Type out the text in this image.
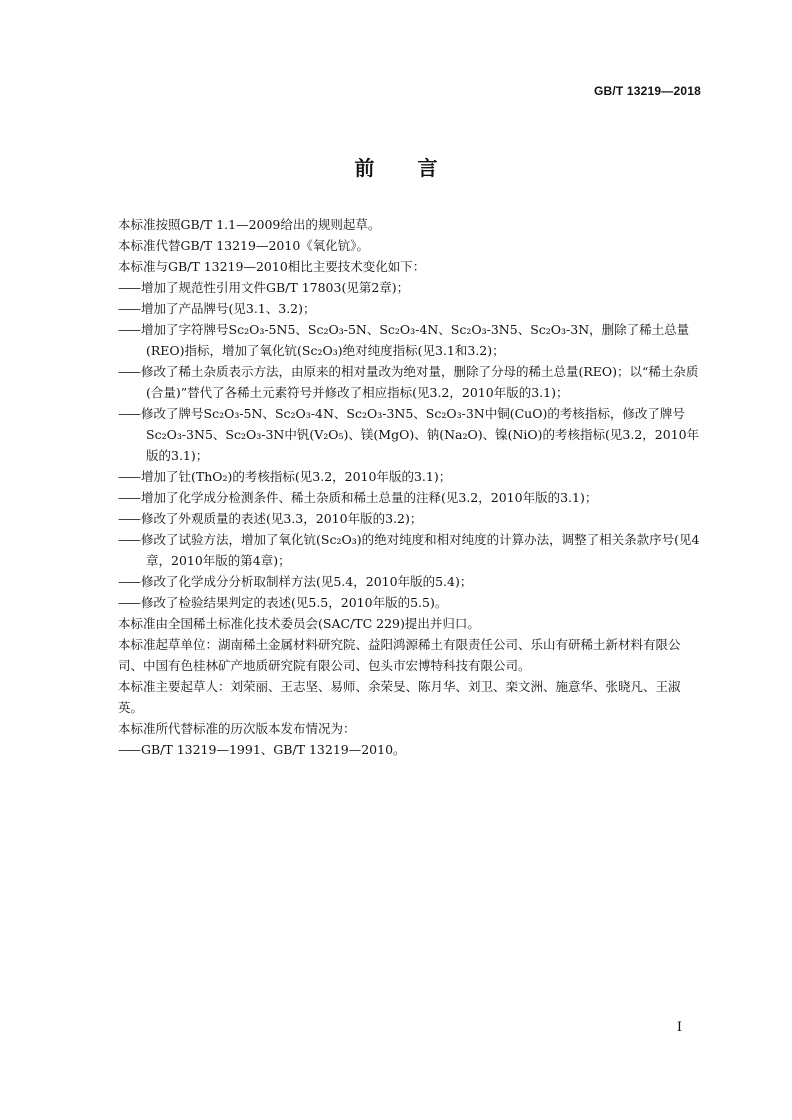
GB/T 13219—2018
前 言

本标准按照GB/T 1.1—2009给出的规则起草。

本标准代替GB/T 13219—2010《氧化钪》。

本标准与GB/T 13219—2010相比主要技术变化如下：

—— 增加了规范性引用文件GB/T 17803(见第2章)；

—— 增加了产品牌号(见3.1、3.2)；

—— 增加了字符牌号Sc₂O₃-5N5、Sc₂O₃-5N、Sc₂O₃-4N、Sc₂O₃-3N5、Sc₂O₃-3N，删除了稀土总量(REO)指标，增加了氧化钪(Sc₂O₃)绝对纯度指标(见3.1和3.2)；

—— 修改了稀土杂质表示方法，由原来的相对量改为绝对量，删除了分母的稀土总量(REO)；以“稀土杂质(合量)”替代了各稀土元素符号并修改了相应指标(见3.2，2010年版的3.1)；

—— 修改了牌号Sc₂O₃-5N、Sc₂O₃-4N、Sc₂O₃-3N5、Sc₂O₃-3N中铜(CuO)的考核指标，修改了牌号Sc₂O₃-3N5、Sc₂O₃-3N中钒(V₂O₅)、镁(MgO)、钠(Na₂O)、镍(NiO)的考核指标(见3.2，2010年版的3.1)；

—— 增加了钍(ThO₂)的考核指标(见3.2，2010年版的3.1)；

—— 增加了化学成分检测条件、稀土杂质和稀土总量的注释(见3.2，2010年版的3.1)；

—— 修改了外观质量的表述(见3.3，2010年版的3.2)；

—— 修改了试验方法，增加了氧化钪(Sc₂O₃)的绝对纯度和相对纯度的计算办法，调整了相关条款序号(见4章，2010年版的第4章)；

—— 修改了化学成分分析取制样方法(见5.4，2010年版的5.4)；

—— 修改了检验结果判定的表述(见5.5，2010年版的5.5)。

本标准由全国稀土标准化技术委员会(SAC/TC 229)提出并归口。

本标准起草单位：湖南稀土金属材料研究院、益阳鸿源稀土有限责任公司、乐山有研稀土新材料有限公司、中国有色桂林矿产地质研究院有限公司、包头市宏博特科技有限公司。

本标准主要起草人：刘荣丽、王志坚、易师、余荣旻、陈月华、刘卫、栾文洲、施意华、张晓凡、王淑英。

本标准所代替标准的历次版本发布情况为：

—— GB/T 13219—1991、GB/T 13219—2010。

I
